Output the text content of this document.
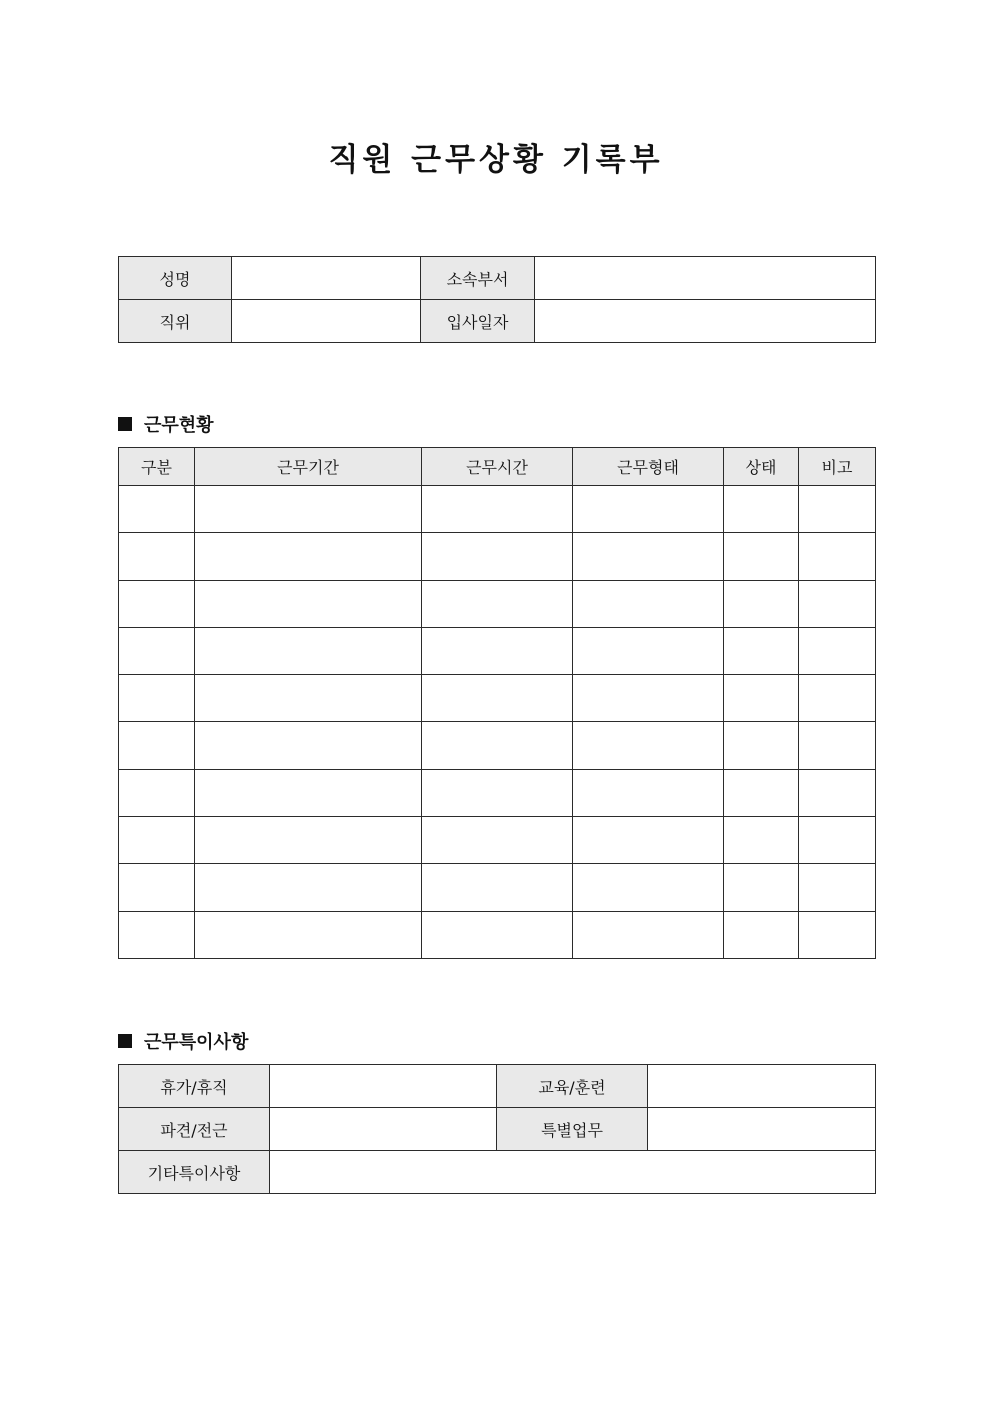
직원 근무상황 기록부
성명		소속부서	
직위		입사일자	
근무현황
구분	근무기간	근무시간	근무형태	상태	비고

근무특이사항
휴가/휴직		교육/훈련	
파견/전근		특별업무	
기타특이사항			
